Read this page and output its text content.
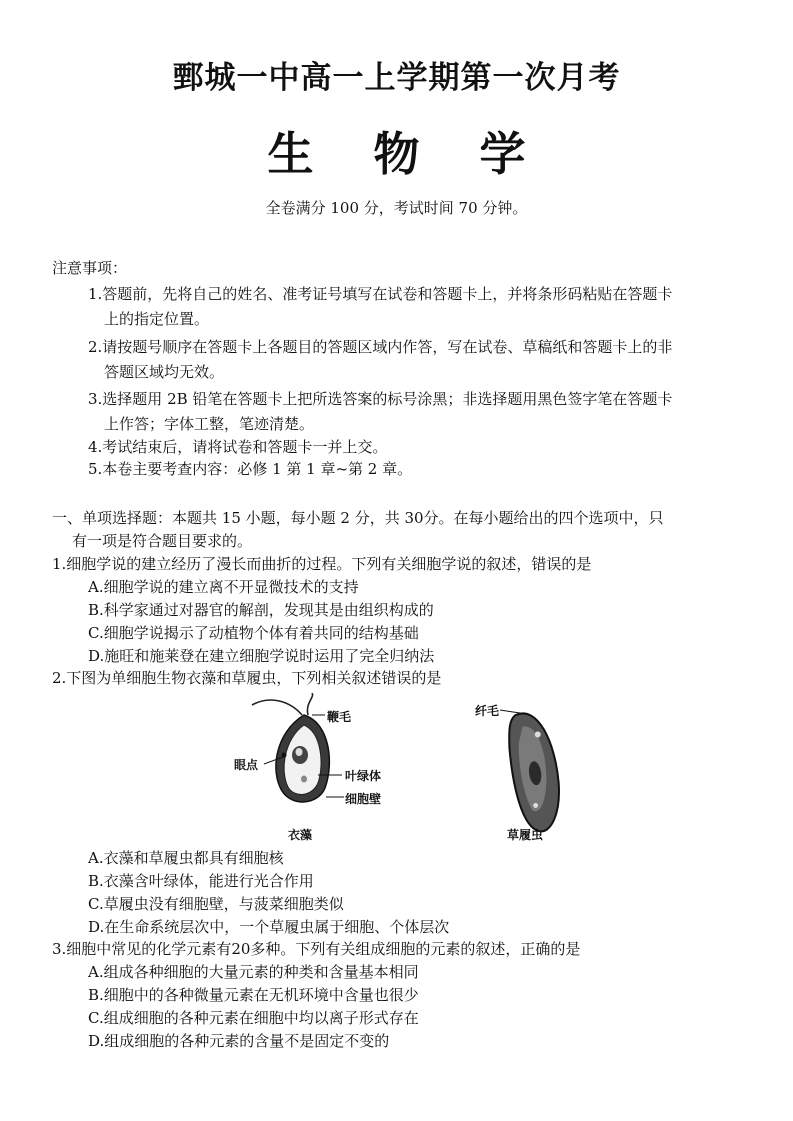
鄄城一中高一上学期第一次月考
生 物 学
全卷满分 100 分，考试时间 70 分钟。
注意事项：
1.答题前，先将自己的姓名、准考证号填写在试卷和答题卡上，并将条形码粘贴在答题卡
上的指定位置。
2.请按题号顺序在答题卡上各题目的答题区域内作答，写在试卷、草稿纸和答题卡上的非
答题区域均无效。
3.选择题用 2B 铅笔在答题卡上把所选答案的标号涂黑；非选择题用黑色签字笔在答题卡
上作答；字体工整，笔迹清楚。
4.考试结束后，请将试卷和答题卡一并上交。
5.本卷主要考查内容：必修 1 第 1 章~第 2 章。
一、单项选择题：本题共 15 小题，每小题 2 分，共 30分。在每小题给出的四个选项中，只
有一项是符合题目要求的。
1.细胞学说的建立经历了漫长而曲折的过程。下列有关细胞学说的叙述，错误的是
A.细胞学说的建立离不开显微技术的支持
B.科学家通过对器官的解剖，发现其是由组织构成的
C.细胞学说揭示了动植物个体有着共同的结构基础
D.施旺和施莱登在建立细胞学说时运用了完全归纳法
2.下图为单细胞生物衣藻和草履虫，下列相关叙述错误的是
鞭毛
眼点
叶绿体
细胞壁
衣藻
纤毛
草履虫
A.衣藻和草履虫都具有细胞核
B.衣藻含叶绿体，能进行光合作用
C.草履虫没有细胞壁，与菠菜细胞类似
D.在生命系统层次中，一个草履虫属于细胞、个体层次
3.细胞中常见的化学元素有20多种。下列有关组成细胞的元素的叙述，正确的是
A.组成各种细胞的大量元素的种类和含量基本相同
B.细胞中的各种微量元素在无机环境中含量也很少
C.组成细胞的各种元素在细胞中均以离子形式存在
D.组成细胞的各种元素的含量不是固定不变的
